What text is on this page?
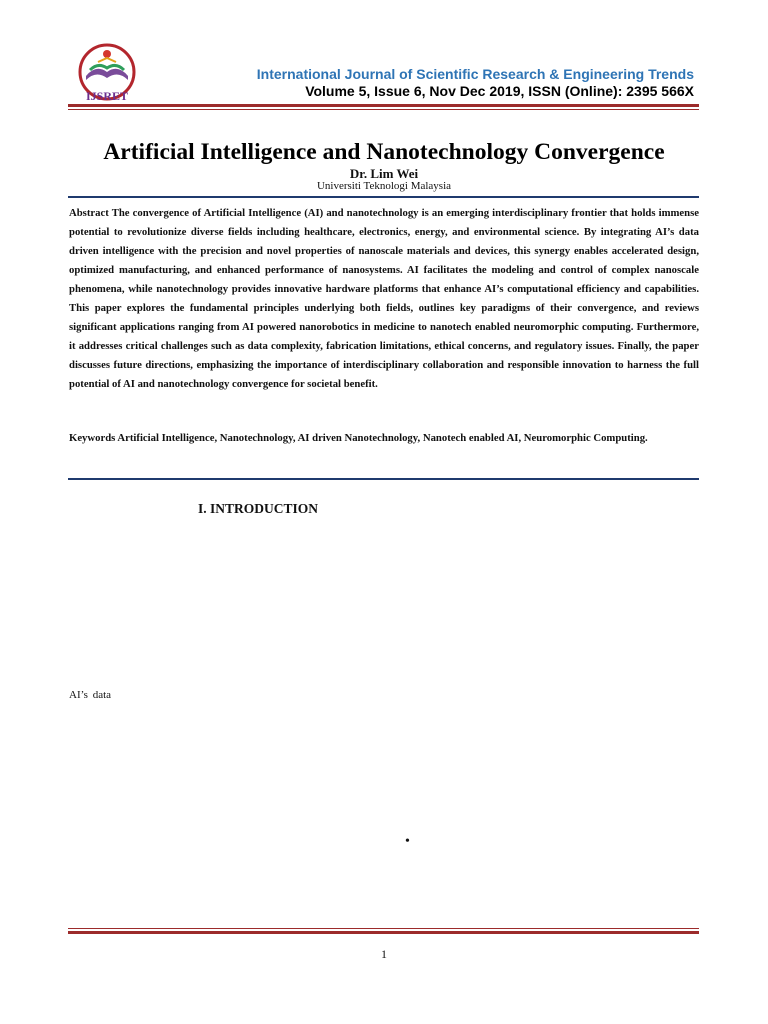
IJSRET
International Journal of Scientific Research & Engineering Trends
Volume 5, Issue 6, Nov Dec 2019, ISSN (Online): 2395 566X
Artificial Intelligence and Nanotechnology Convergence
Dr. Lim Wei
Universiti Teknologi Malaysia
Abstract The convergence of Artificial Intelligence (AI) and nanotechnology is an emerging interdisciplinary frontier that holds immense potential to revolutionize diverse fields including healthcare, electronics, energy, and environmental science. By integrating AI’s data driven intelligence with the precision and novel properties of nanoscale materials and devices, this synergy enables accelerated design, optimized manufacturing, and enhanced performance of nanosystems. AI facilitates the modeling and control of complex nanoscale phenomena, while nanotechnology provides innovative hardware platforms that enhance AI’s computational efficiency and capabilities. This paper explores the fundamental principles underlying both fields, outlines key paradigms of their convergence, and reviews significant applications ranging from AI powered nanorobotics in medicine to nanotech enabled neuromorphic computing. Furthermore, it addresses critical challenges such as data complexity, fabrication limitations, ethical concerns, and regulatory issues. Finally, the paper discusses future directions, emphasizing the importance of interdisciplinary collaboration and responsible innovation to harness the full potential of AI and nanotechnology convergence for societal benefit.
Keywords Artificial Intelligence, Nanotechnology, AI driven Nanotechnology, Nanotech enabled AI, Neuromorphic Computing.
I. INTRODUCTION
AI’s data
•
1
